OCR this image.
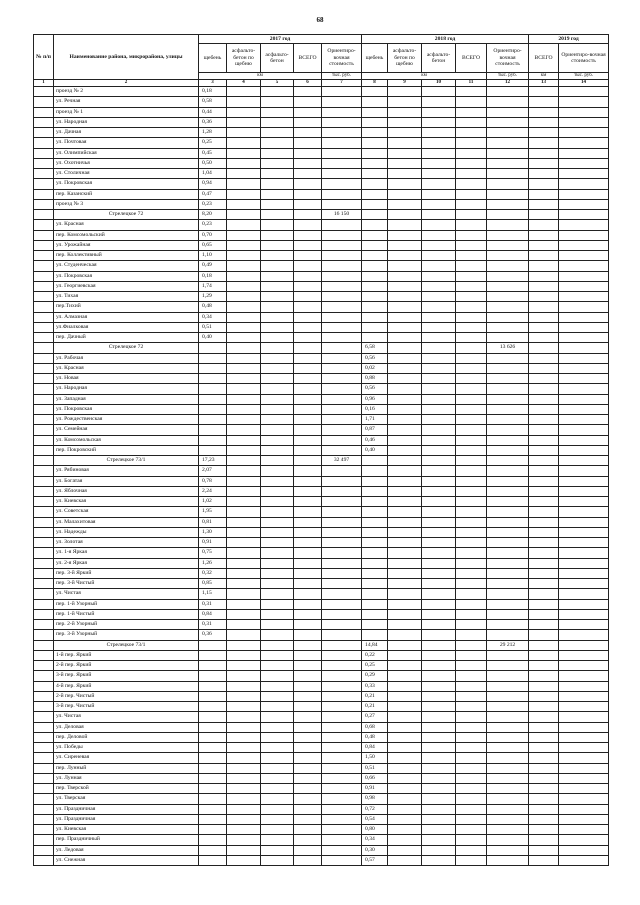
68
№ п/п	Наименование района, микрорайона, улицы	2017 год					2018 год					2019 год	
		щебень	асфальто-бетон по щебню	асфальто-бетон	ВСЕГО	Ориентиро-вочная стоимость	щебень	асфальто-бетон по щебню	асфальто-бетон	ВСЕГО	Ориентиро-вочная стоимость	ВСЕГО	Ориентиро-вочная стоимость
		км				тыс. руб.	км				тыс. руб.	км	тыс. руб.
1	2	3	4	5	6	7	8	9	10	11	12	13	14
	проезд № 2	0,18											
	ул. Речная	0,58											
	проезд № 1	0,44											
	ул. Народная	0,36											
	ул. Дачная	1,28											
	ул. Почтовая	0,25											
	ул. Олимпийская	0,45											
	ул. Охотничья	0,50											
	ул. Столичная	1,04											
	ул. Покровская	0,94											
	пер. Казанский	0,47											
	проезд № 3	0,23											
	Стрелецкое 72	8,20				16 150							
	ул. Красная	0,23											
	пер. Комсомольский	0,70											
	ул. Урожайная	0,65											
	пер. Коллективный	1,10											
	ул. Студенческая	0,49											
	ул. Покровская	0,18											
	ул. Георгиевская	1,74											
	ул. Тихая	1,29											
	пер.Тихий	0,48											
	ул. Алмазная	0,34											
	ул.Фиалковая	0,51											
	пер. Дачный	0,40											
	Стрелецкое 72						6,58				13 626		
	ул. Рабочая						0,56						
	ул. Красная						0,02						
	ул. Новая						0,88						
	ул. Народная						0,56						
	ул. Западная						0,96						
	ул. Покровская						0,16						
	ул. Рождественская						1,71						
	ул. Семейная						0,87						
	ул. Комсомольская						0,46						
	пер. Покровский						0,40						
	Стрелецкое 73/1	17,23				32 497							
	ул. Рябиновая	2,07											
	ул. Богатая	0,78											
	ул. Яблочная	2,24											
	ул. Киевская	1,02											
	ул. Советская	1,95											
	ул. Малахитовая	0,81											
	ул. Надежды	1,30											
	ул. Золотая	0,91											
	ул. 1-я Яркая	0,75											
	ул. 2-я Яркая	1,26											
	пер. 3-й Яркий	0,32											
	пер. 3-й Чистый	0,85											
	ул. Чистая	1,15											
	пер. 1-й Узорный	0,31											
	пер. 1-й Чистый	0,84											
	пер. 2-й Узорный	0,31											
	пер. 3-й Узорный	0,36											
	Стрелецкое 73/1						14,84				29 212		
	1-й пер. Яркий						0,22						
	2-й пер. Яркий						0,25						
	3-й пер. Яркий						0,29						
	4-й пер. Яркий						0,33						
	2-й пер. Чистый						0,21						
	3-й пер. Чистый						0,21						
	ул. Чистая						0,27						
	ул. Деловая						0,68						
	пер. Деловой						0,48						
	ул. Победы						0,84						
	ул. Сиреневая						1,50						
	пер. Лунный						0,51						
	ул. Лунная						0,66						
	пер. Тверской						0,91						
	ул. Тверская						0,98						
	ул. Праздничная						0,72						
	ул. Праздничная						0,54						
	ул. Киевская						0,80						
	пер. Праздничный						0,34						
	ул. Ледовая						0,30						
	ул. Снежная						0,57						
